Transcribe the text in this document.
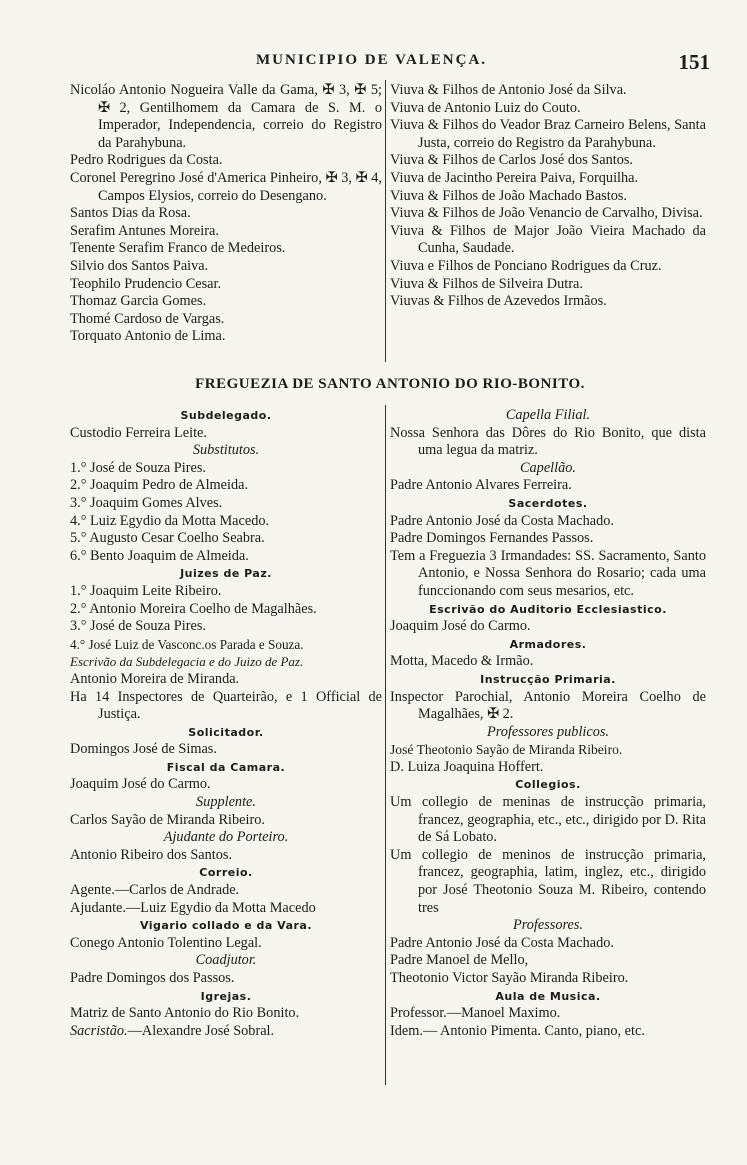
MUNICIPIO DE VALENÇA.	151

Nicoláo Antonio Nogueira Valle da Gama, ✠ 3, ✠ 5; ✠ 2, Gentilhomem da Camara de S. M. o Imperador, Independencia, correio do Registro da Parahybuna.

Pedro Rodrigues da Costa.

Coronel Peregrino José d'America Pinheiro, ✠ 3, ✠ 4, Campos Elysios, correio do Desengano.

Santos Dias da Rosa.

Serafim Antunes Moreira.

Tenente Serafim Franco de Medeiros.

Silvio dos Santos Paiva.

Teophilo Prudencio Cesar.

Thomaz Garcia Gomes.

Thomé Cardoso de Vargas.

Torquato Antonio de Lima.

Viuva & Filhos de Antonio José da Silva.

Viuva de Antonio Luiz do Couto.

Viuva & Filhos do Veador Braz Carneiro Belens, Santa Justa, correio do Registro da Parahybuna.

Viuva & Filhos de Carlos José dos Santos.

Viuva de Jacintho Pereira Paiva, Forquilha.

Viuva & Filhos de João Machado Bastos.

Viuva & Filhos de João Venancio de Carvalho, Divisa.

Viuva & Filhos de Major João Vieira Machado da Cunha, Saudade.

Viuva e Filhos de Ponciano Rodrigues da Cruz.

Viuva & Filhos de Silveira Dutra.

Viuvas & Filhos de Azevedos Irmãos.

FREGUEZIA DE SANTO ANTONIO DO RIO-BONITO.
Subdelegado.

Custodio Ferreira Leite.

Substitutos.

1.° José de Souza Pires.

2.° Joaquim Pedro de Almeida.

3.° Joaquim Gomes Alves.

4.° Luiz Egydio da Motta Macedo.

5.° Augusto Cesar Coelho Seabra.

6.° Bento Joaquim de Almeida.

Juizes de Paz.

1.° Joaquim Leite Ribeiro.

2.° Antonio Moreira Coelho de Magalhães.

3.° José de Souza Pires.

4.° José Luiz de Vasconc.os Parada e Souza.

Escrivão da Subdelegacia e do Juizo de Paz.

Antonio Moreira de Miranda.

Ha 14 Inspectores de Quarteirão, e 1 Official de Justiça.

Solicitador.

Domingos José de Simas.

Fiscal da Camara.

Joaquim José do Carmo.

Supplente.

Carlos Sayão de Miranda Ribeiro.

Ajudante do Porteiro.

Antonio Ribeiro dos Santos.

Correio.

Agente.—Carlos de Andrade.

Ajudante.—Luiz Egydio da Motta Macedo

Vigario collado e da Vara.

Conego Antonio Tolentino Legal.

Coadjutor.

Padre Domingos dos Passos.

Igrejas.

Matriz de Santo Antonio do Rio Bonito.

Sacristão.—Alexandre José Sobral.

Capella Filial.

Nossa Senhora das Dôres do Rio Bonito, que dista uma legua da matriz.

Capellão.

Padre Antonio Alvares Ferreira.

Sacerdotes.

Padre Antonio José da Costa Machado.

Padre Domingos Fernandes Passos.

Tem a Freguezia 3 Irmandades: SS. Sacramento, Santo Antonio, e Nossa Senhora do Rosario; cada uma funccionando com seus mesarios, etc.

Escrivão do Auditorio Ecclesiastico.

Joaquim José do Carmo.

Armadores.

Motta, Macedo & Irmão.

Instrucção Primaria.

Inspector Parochial, Antonio Moreira Coelho de Magalhães, ✠ 2.

Professores publicos.

José Theotonio Sayão de Miranda Ribeiro.

D. Luiza Joaquina Hoffert.

Collegios.

Um collegio de meninas de instrucção primaria, francez, geographia, etc., etc., dirigido por D. Rita de Sá Lobato.

Um collegio de meninos de instrucção primaria, francez, geographia, latim, inglez, etc., dirigido por José Theotonio Souza M. Ribeiro, contendo tres

Professores.

Padre Antonio José da Costa Machado.

Padre Manoel de Mello,

Theotonio Victor Sayão Miranda Ribeiro.

Aula de Musica.

Professor.—Manoel Maximo.

Idem.— Antonio Pimenta. Canto, piano, etc.
